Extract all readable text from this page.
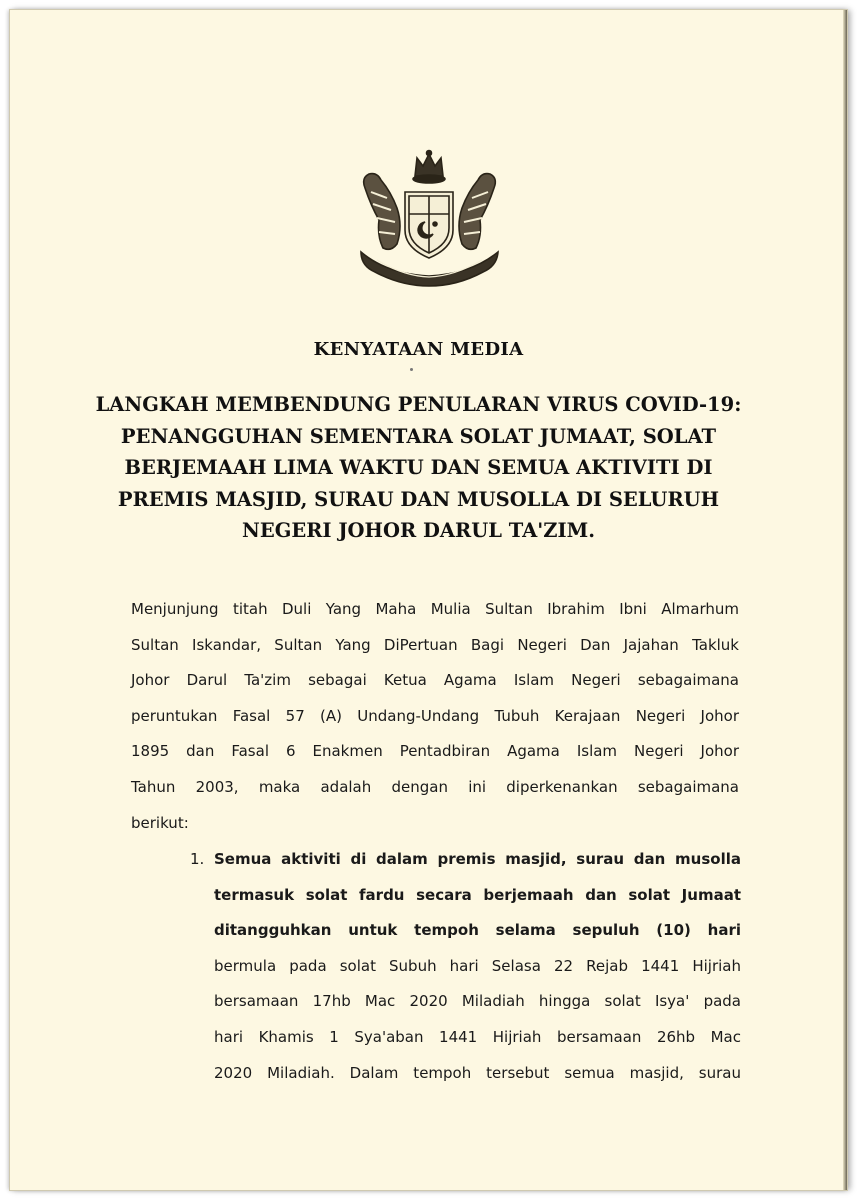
KENYATAAN MEDIA
LANGKAH MEMBENDUNG PENULARAN VIRUS COVID-19:
PENANGGUHAN SEMENTARA SOLAT JUMAAT, SOLAT
BERJEMAAH LIMA WAKTU DAN SEMUA AKTIVITI DI
PREMIS MASJID, SURAU DAN MUSOLLA DI SELURUH
NEGERI JOHOR DARUL TA'ZIM.
Menjunjung titah Duli Yang Maha Mulia Sultan Ibrahim Ibni Almarhum
Sultan Iskandar, Sultan Yang DiPertuan Bagi Negeri Dan Jajahan Takluk
Johor Darul Ta'zim sebagai Ketua Agama Islam Negeri sebagaimana
peruntukan Fasal 57 (A) Undang-Undang Tubuh Kerajaan Negeri Johor
1895 dan Fasal 6 Enakmen Pentadbiran Agama Islam Negeri Johor
Tahun 2003, maka adalah dengan ini diperkenankan sebagaimana
berikut:
1. Semua aktiviti di dalam premis masjid, surau dan musolla
termasuk solat fardu secara berjemaah dan solat Jumaat
ditangguhkan untuk tempoh selama sepuluh (10) hari
bermula pada solat Subuh hari Selasa 22 Rejab 1441 Hijriah
bersamaan 17hb Mac 2020 Miladiah hingga solat Isya' pada
hari Khamis 1 Sya'aban 1441 Hijriah bersamaan 26hb Mac
2020 Miladiah. Dalam tempoh tersebut semua masjid, surau
